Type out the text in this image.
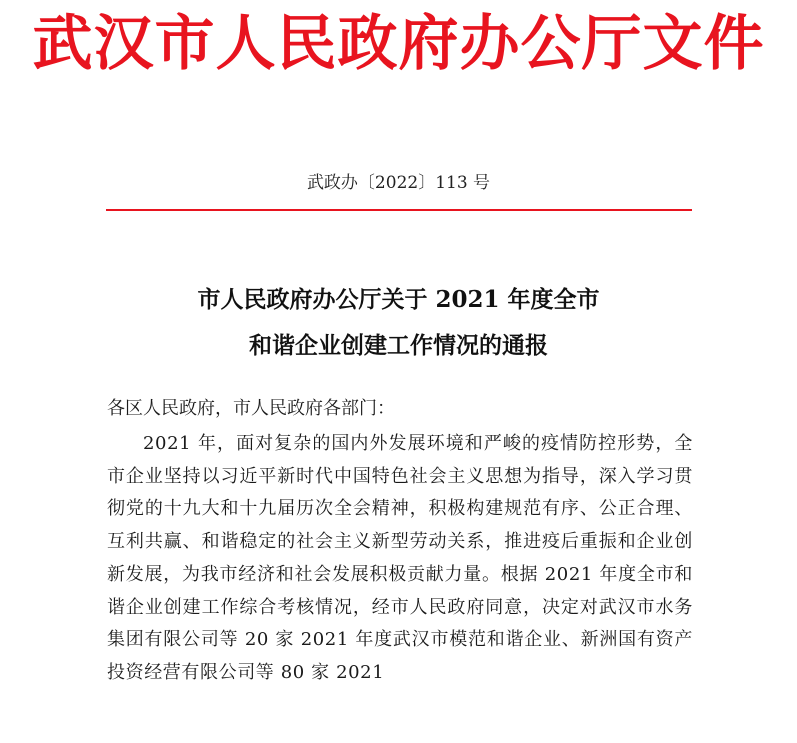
武汉市人民政府办公厅文件
武政办〔2022〕113 号
市人民政府办公厅关于 2021 年度全市
和谐企业创建工作情况的通报
各区人民政府，市人民政府各部门：

2021 年，面对复杂的国内外发展环境和严峻的疫情防控形势，全市企业坚持以习近平新时代中国特色社会主义思想为指导，深入学习贯彻党的十九大和十九届历次全会精神，积极构建规范有序、公正合理、互利共赢、和谐稳定的社会主义新型劳动关系，推进疫后重振和企业创新发展，为我市经济和社会发展积极贡献力量。根据 2021 年度全市和谐企业创建工作综合考核情况，经市人民政府同意，决定对武汉市水务集团有限公司等 20 家 2021 年度武汉市模范和谐企业、新洲国有资产投资经营有限公司等 80 家 2021
